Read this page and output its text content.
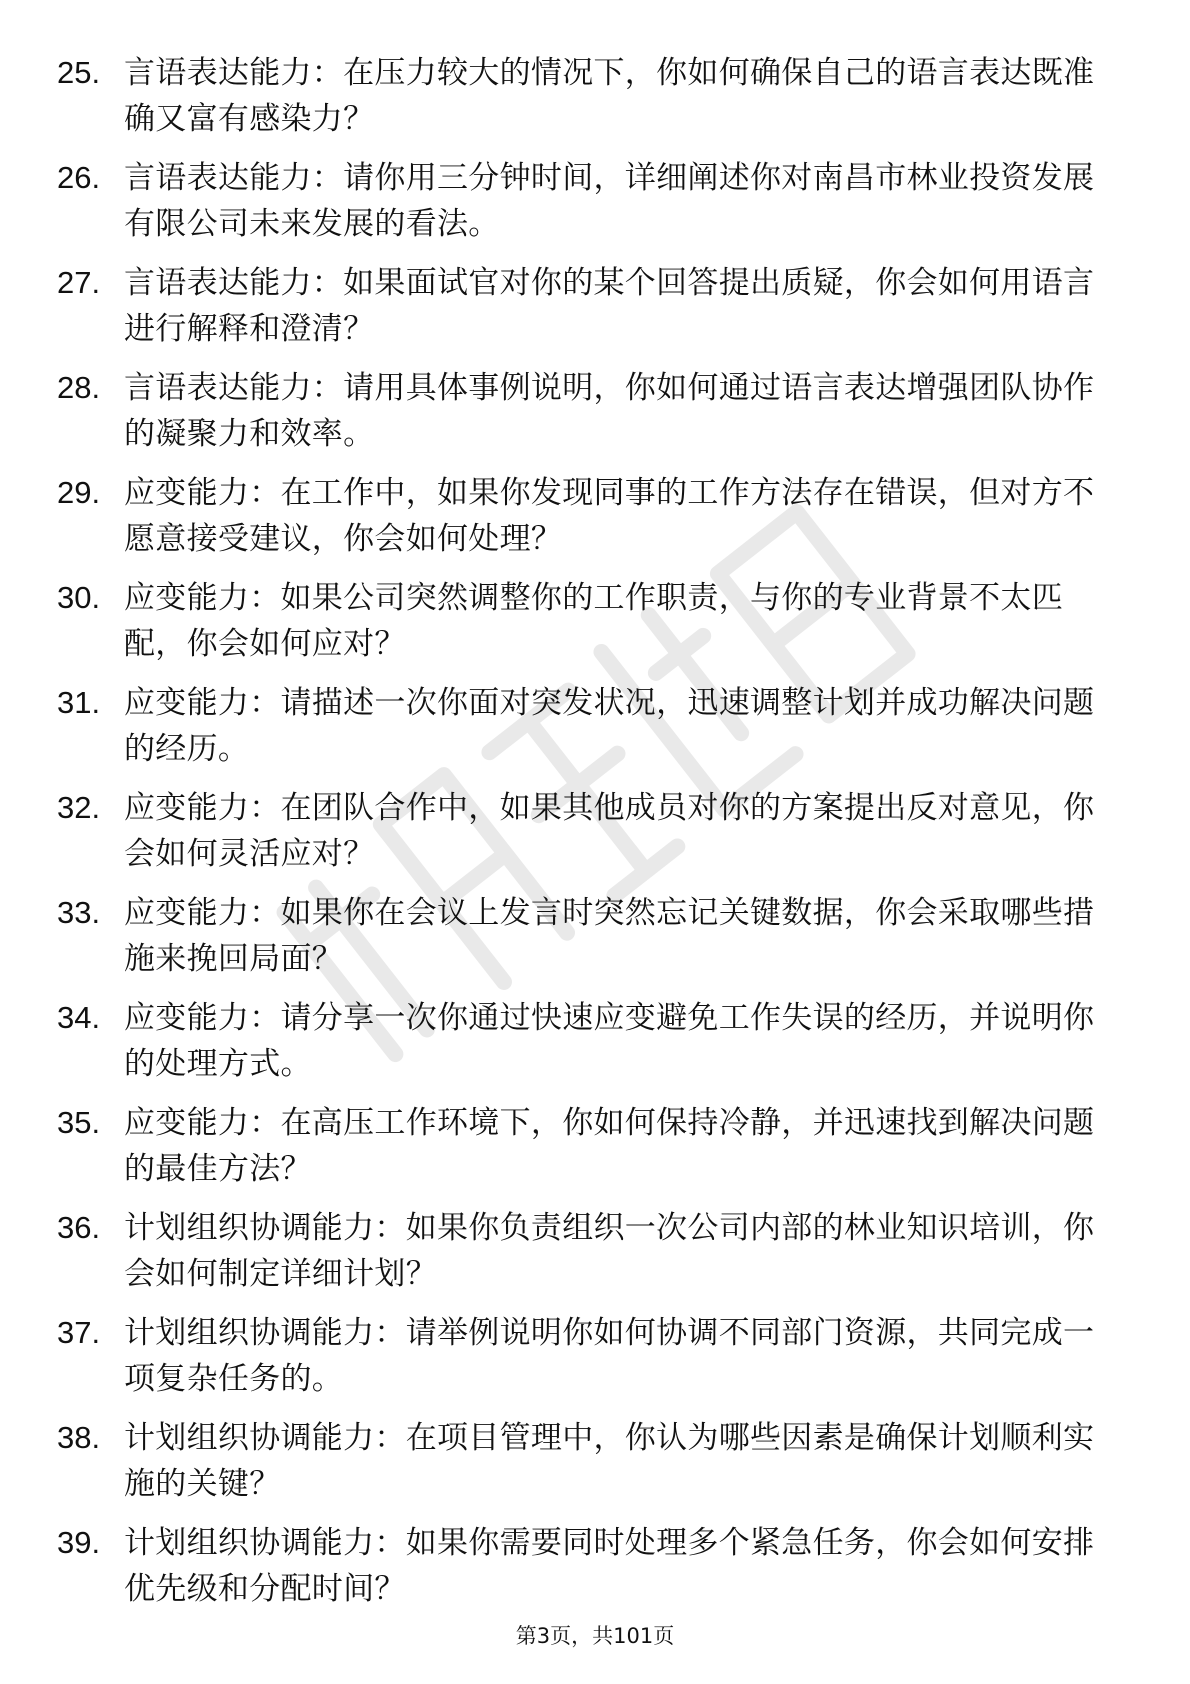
25. 言语表达能力：在压力较大的情况下，你如何确保自己的语言表达既准确又富有感染力？
26. 言语表达能力：请你用三分钟时间，详细阐述你对南昌市林业投资发展有限公司未来发展的看法。
27. 言语表达能力：如果面试官对你的某个回答提出质疑，你会如何用语言进行解释和澄清？
28. 言语表达能力：请用具体事例说明，你如何通过语言表达增强团队协作的凝聚力和效率。
29. 应变能力：在工作中，如果你发现同事的工作方法存在错误，但对方不愿意接受建议，你会如何处理？
30. 应变能力：如果公司突然调整你的工作职责，与你的专业背景不太匹配，你会如何应对？
31. 应变能力：请描述一次你面对突发状况，迅速调整计划并成功解决问题的经历。
32. 应变能力：在团队合作中，如果其他成员对你的方案提出反对意见，你会如何灵活应对？
33. 应变能力：如果你在会议上发言时突然忘记关键数据，你会采取哪些措施来挽回局面？
34. 应变能力：请分享一次你通过快速应变避免工作失误的经历，并说明你的处理方式。
35. 应变能力：在高压工作环境下，你如何保持冷静，并迅速找到解决问题的最佳方法？
36. 计划组织协调能力：如果你负责组织一次公司内部的林业知识培训，你会如何制定详细计划？
37. 计划组织协调能力：请举例说明你如何协调不同部门资源，共同完成一项复杂任务的。
38. 计划组织协调能力：在项目管理中，你认为哪些因素是确保计划顺利实施的关键？
39. 计划组织协调能力：如果你需要同时处理多个紧急任务，你会如何安排优先级和分配时间？
第3页，共101页
